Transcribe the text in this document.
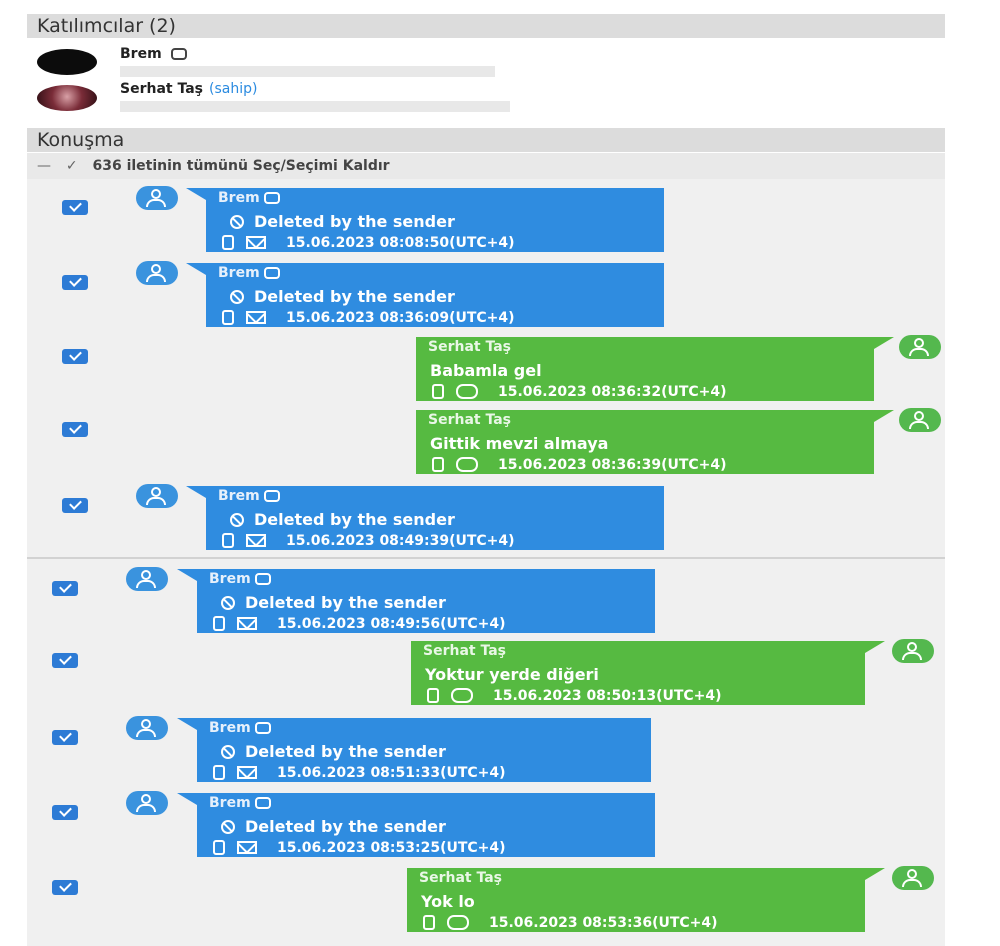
Katılımcılar (2)
Brem
Serhat Taş (sahip)
Konuşma
— ✓ 636 iletinin tümünü Seç/Seçimi Kaldır
Brem
Deleted by the sender
15.06.2023 08:08:50(UTC+4)
Brem
Deleted by the sender
15.06.2023 08:36:09(UTC+4)
Serhat Taş
Babamla gel
15.06.2023 08:36:32(UTC+4)
Serhat Taş
Gittik mevzi almaya
15.06.2023 08:36:39(UTC+4)
Brem
Deleted by the sender
15.06.2023 08:49:39(UTC+4)
Brem
Deleted by the sender
15.06.2023 08:49:56(UTC+4)
Serhat Taş
Yoktur yerde diğeri
15.06.2023 08:50:13(UTC+4)
Brem
Deleted by the sender
15.06.2023 08:51:33(UTC+4)
Brem
Deleted by the sender
15.06.2023 08:53:25(UTC+4)
Serhat Taş
Yok lo
15.06.2023 08:53:36(UTC+4)
